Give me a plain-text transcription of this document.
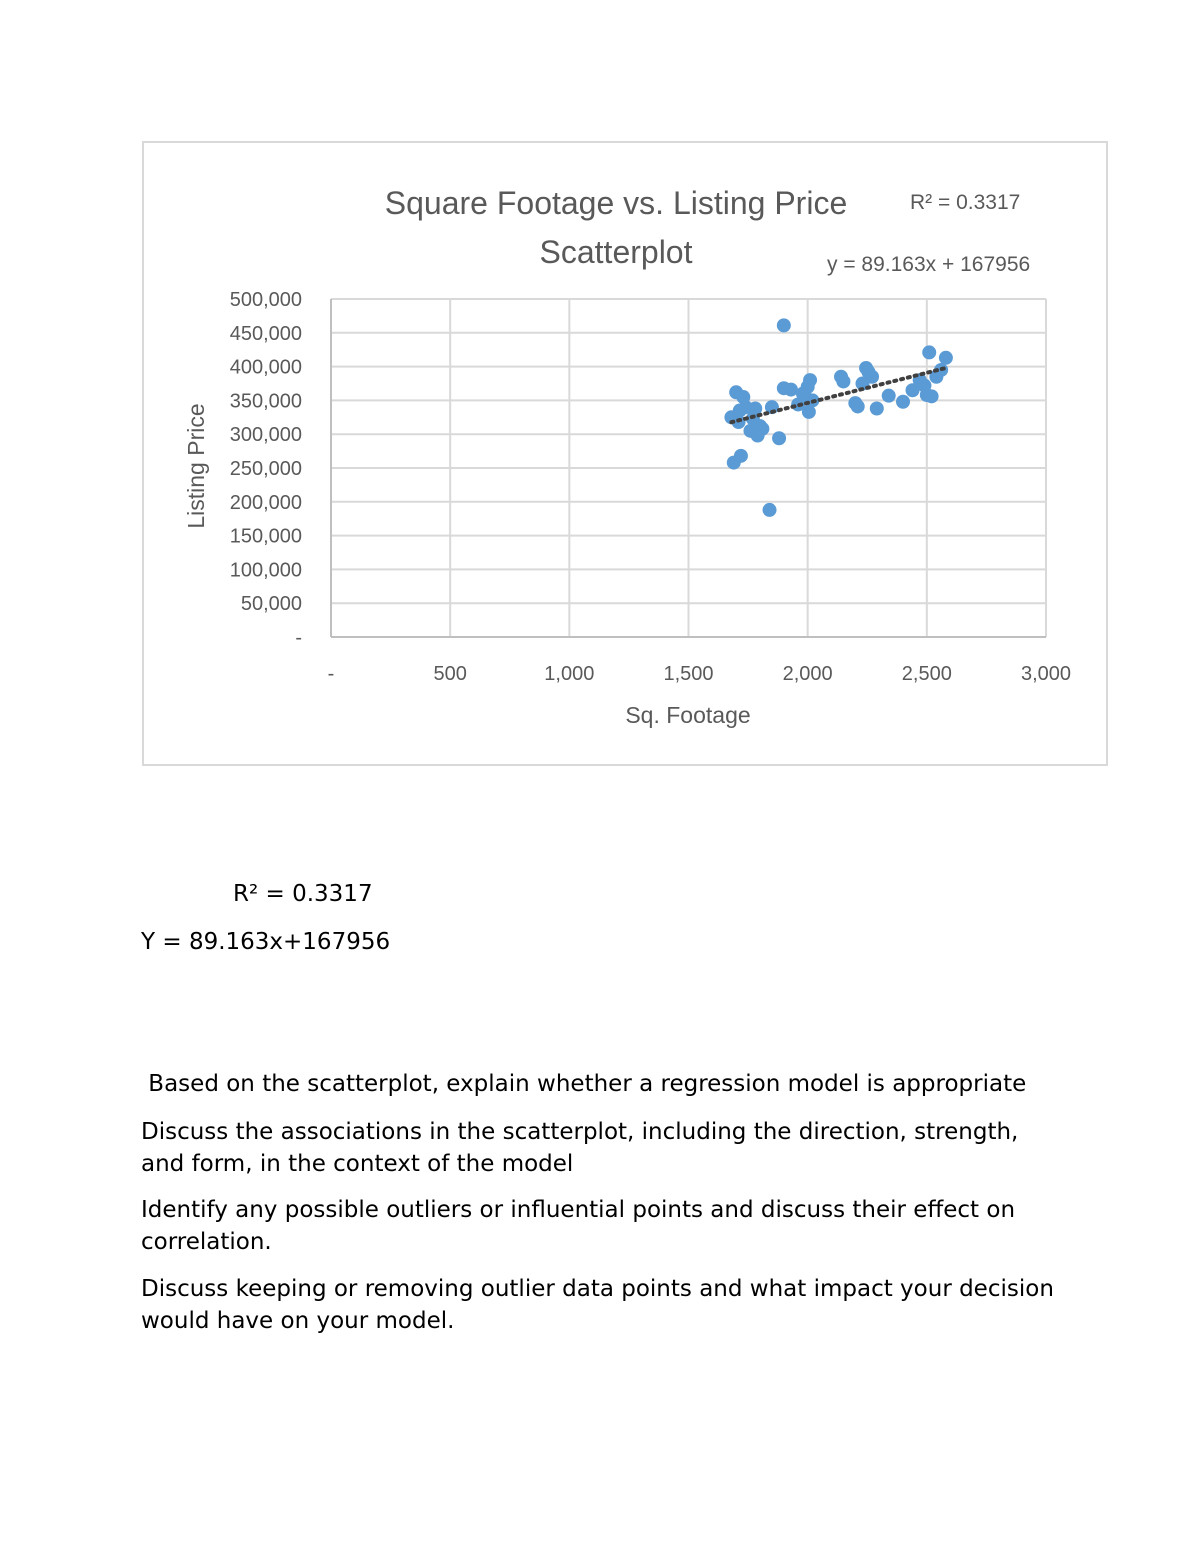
-
50,000
100,000
150,000
200,000
250,000
300,000
350,000
400,000
450,000
500,000
-	500	1,000	1,500	2,000	2,500	3,000
Square Footage vs. Listing Price
Scatterplot
R² = 0.3317
y = 89.163x + 167956
Sq. Footage
Listing Price
R² = 0.3317
Y = 89.163x+167956
Based on the scatterplot, explain whether a regression model is appropriate
Discuss the associations in the scatterplot, including the direction, strength, and form, in the context of the model
Identify any possible outliers or influential points and discuss their effect on correlation.
Discuss keeping or removing outlier data points and what impact your decision would have on your model.
